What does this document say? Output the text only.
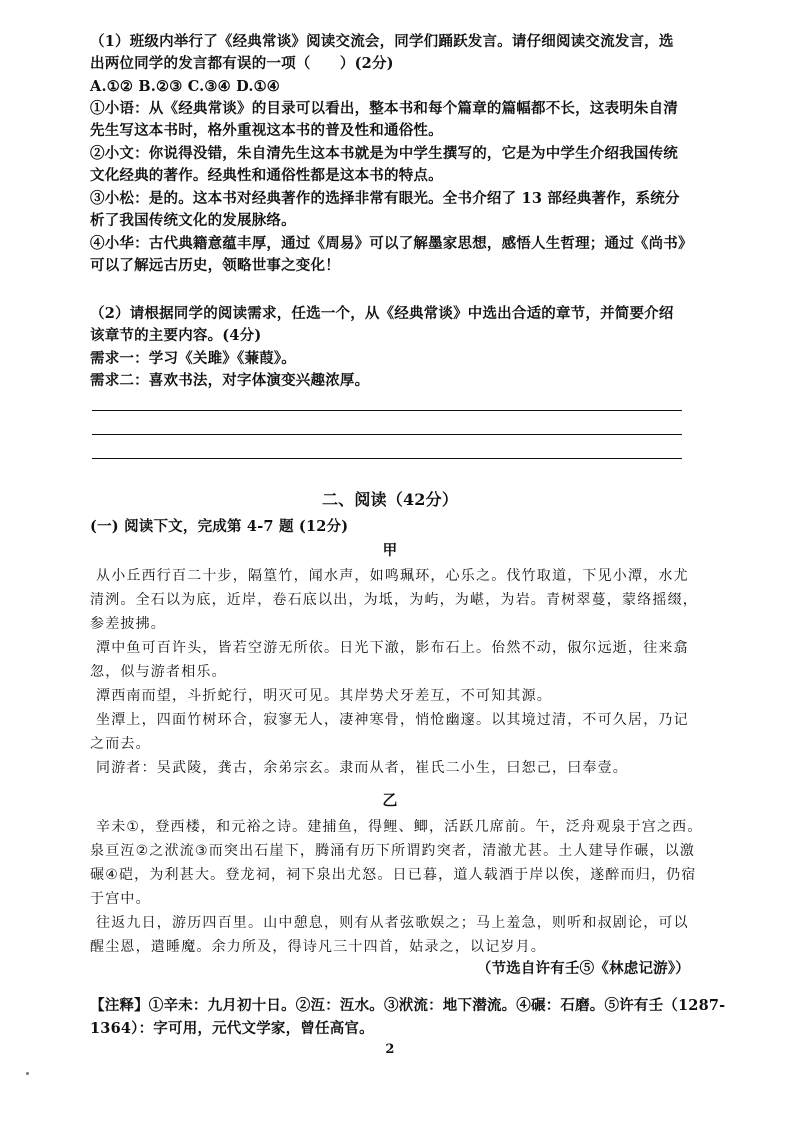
（1）班级内举行了《经典常谈》阅读交流会，同学们踊跃发言。请仔细阅读交流发言，选
出两位同学的发言都有误的一项（　　）(2分)
A.①② B.②③ C.③④ D.①④
①小语：从《经典常谈》的目录可以看出，整本书和每个篇章的篇幅都不长，这表明朱自清
先生写这本书时，格外重视这本书的普及性和通俗性。
②小文：你说得没错，朱自清先生这本书就是为中学生撰写的，它是为中学生介绍我国传统
文化经典的著作。经典性和通俗性都是这本书的特点。
③小松：是的。这本书对经典著作的选择非常有眼光。全书介绍了 13 部经典著作，系统分
析了我国传统文化的发展脉络。
④小华：古代典籍意蕴丰厚，通过《周易》可以了解墨家思想，感悟人生哲理；通过《尚书》
可以了解远古历史，领略世事之变化！
（2）请根据同学的阅读需求，任选一个，从《经典常谈》中选出合适的章节，并简要介绍
该章节的主要内容。(4分)
需求一：学习《关雎》《蒹葭》。
需求二：喜欢书法，对字体演变兴趣浓厚。
二、阅读（42分）
(一) 阅读下文，完成第 4-7 题 (12分)
甲
从小丘西行百二十步，隔篁竹，闻水声，如鸣珮环，心乐之。伐竹取道，下见小潭，水尤
清洌。全石以为底，近岸，卷石底以出，为坻，为屿，为嵁，为岩。青树翠蔓，蒙络摇缀，
参差披拂。
潭中鱼可百许头，皆若空游无所依。日光下澈，影布石上。佁然不动，俶尔远逝，往来翕
忽，似与游者相乐。
潭西南而望，斗折蛇行，明灭可见。其岸势犬牙差互，不可知其源。
坐潭上，四面竹树环合，寂寥无人，凄神寒骨，悄怆幽邃。以其境过清，不可久居，乃记
之而去。
同游者：吴武陵，龚古，余弟宗玄。隶而从者，崔氏二小生，曰恕己，曰奉壹。
乙
辛未①，登西楼，和元裕之诗。建捕鱼，得鲤、鲫，活跃几席前。午，泛舟观泉于宫之西。
泉亘沍②之洑流③而突出石崖下，腾涌有历下所谓趵突者，清澈尤甚。土人建导作碾，以激
碾④硙，为利甚大。登龙祠，祠下泉出尤怒。日已暮，道人载酒于岸以俟，遂醉而归，仍宿
于宫中。
往返九日，游历四百里。山中憩息，则有从者弦歌娱之；马上羞急，则听和叔剧论，可以
醒尘恩，遣睡魔。余力所及，得诗凡三十四首，姑录之，以记岁月。
（节选自许有壬⑤《林虑记游》）
【注释】①辛未：九月初十日。②沍：沍水。③洑流：地下潜流。④碾：石磨。⑤许有壬（1287-
1364）：字可用，元代文学家，曾任高官。
2
